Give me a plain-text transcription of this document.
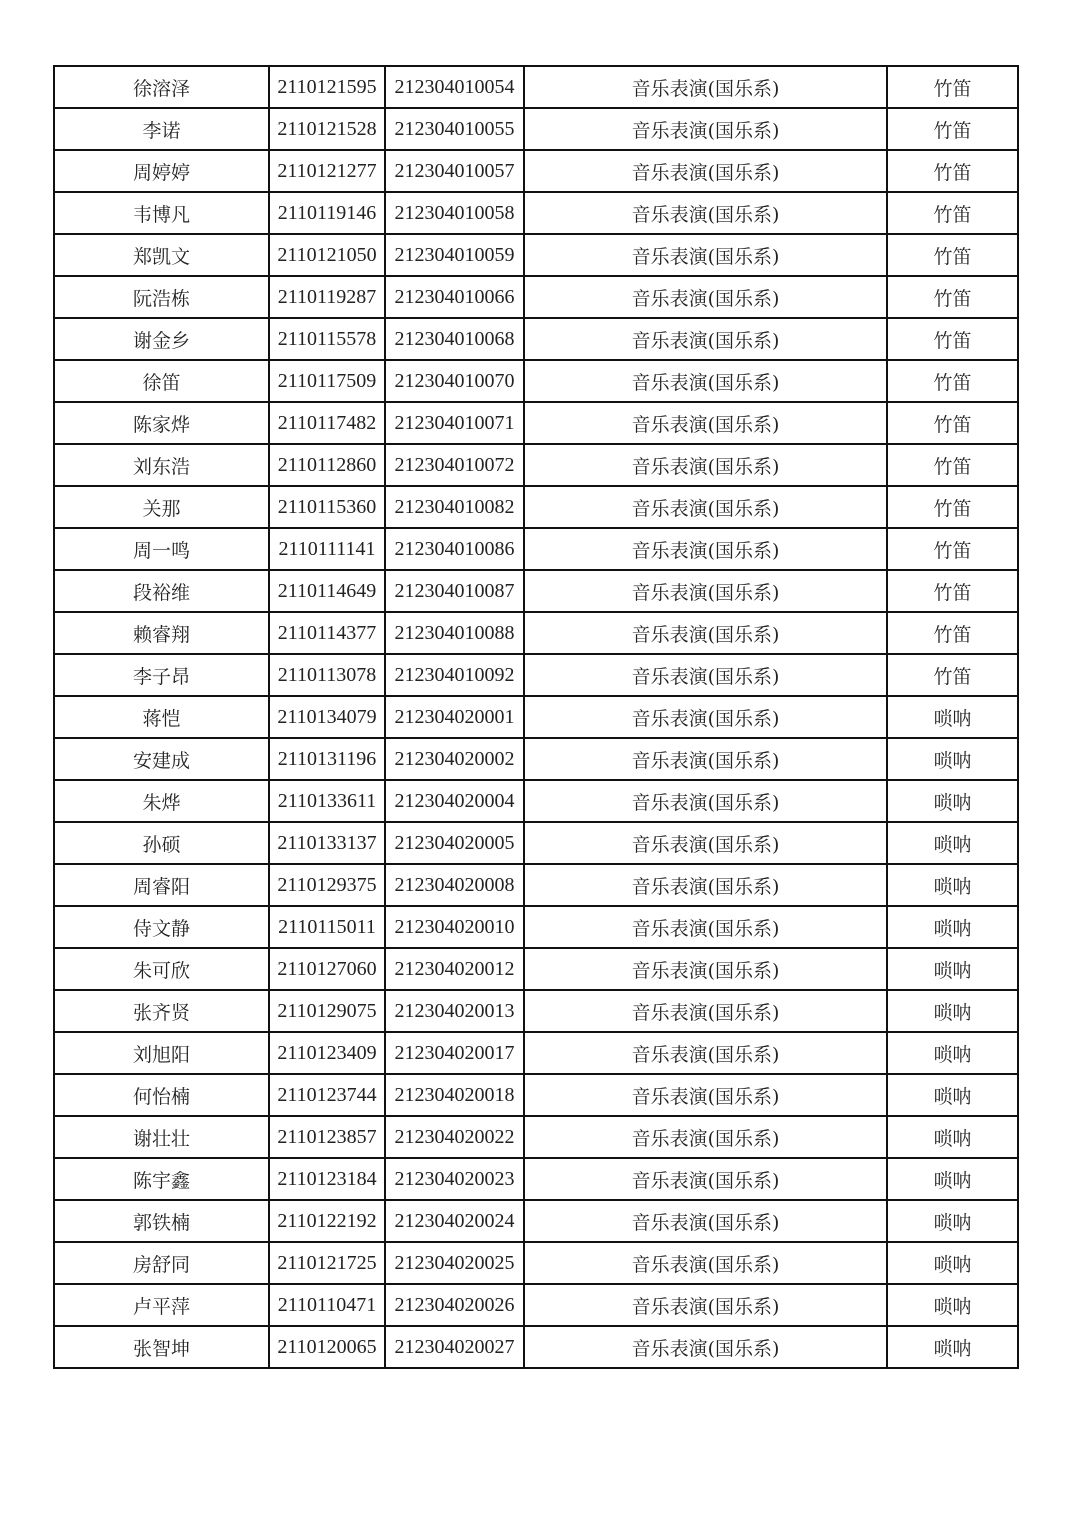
徐溶泽	2110121595	212304010054	音乐表演(国乐系)	竹笛
李诺	2110121528	212304010055	音乐表演(国乐系)	竹笛
周婷婷	2110121277	212304010057	音乐表演(国乐系)	竹笛
韦博凡	2110119146	212304010058	音乐表演(国乐系)	竹笛
郑凯文	2110121050	212304010059	音乐表演(国乐系)	竹笛
阮浩栋	2110119287	212304010066	音乐表演(国乐系)	竹笛
谢金乡	2110115578	212304010068	音乐表演(国乐系)	竹笛
徐笛	2110117509	212304010070	音乐表演(国乐系)	竹笛
陈家烨	2110117482	212304010071	音乐表演(国乐系)	竹笛
刘东浩	2110112860	212304010072	音乐表演(国乐系)	竹笛
关那	2110115360	212304010082	音乐表演(国乐系)	竹笛
周一鸣	2110111141	212304010086	音乐表演(国乐系)	竹笛
段裕维	2110114649	212304010087	音乐表演(国乐系)	竹笛
赖睿翔	2110114377	212304010088	音乐表演(国乐系)	竹笛
李子昂	2110113078	212304010092	音乐表演(国乐系)	竹笛
蒋恺	2110134079	212304020001	音乐表演(国乐系)	唢呐
安建成	2110131196	212304020002	音乐表演(国乐系)	唢呐
朱烨	2110133611	212304020004	音乐表演(国乐系)	唢呐
孙硕	2110133137	212304020005	音乐表演(国乐系)	唢呐
周睿阳	2110129375	212304020008	音乐表演(国乐系)	唢呐
侍文静	2110115011	212304020010	音乐表演(国乐系)	唢呐
朱可欣	2110127060	212304020012	音乐表演(国乐系)	唢呐
张齐贤	2110129075	212304020013	音乐表演(国乐系)	唢呐
刘旭阳	2110123409	212304020017	音乐表演(国乐系)	唢呐
何怡楠	2110123744	212304020018	音乐表演(国乐系)	唢呐
谢壮壮	2110123857	212304020022	音乐表演(国乐系)	唢呐
陈宇鑫	2110123184	212304020023	音乐表演(国乐系)	唢呐
郭铁楠	2110122192	212304020024	音乐表演(国乐系)	唢呐
房舒同	2110121725	212304020025	音乐表演(国乐系)	唢呐
卢平萍	2110110471	212304020026	音乐表演(国乐系)	唢呐
张智坤	2110120065	212304020027	音乐表演(国乐系)	唢呐
